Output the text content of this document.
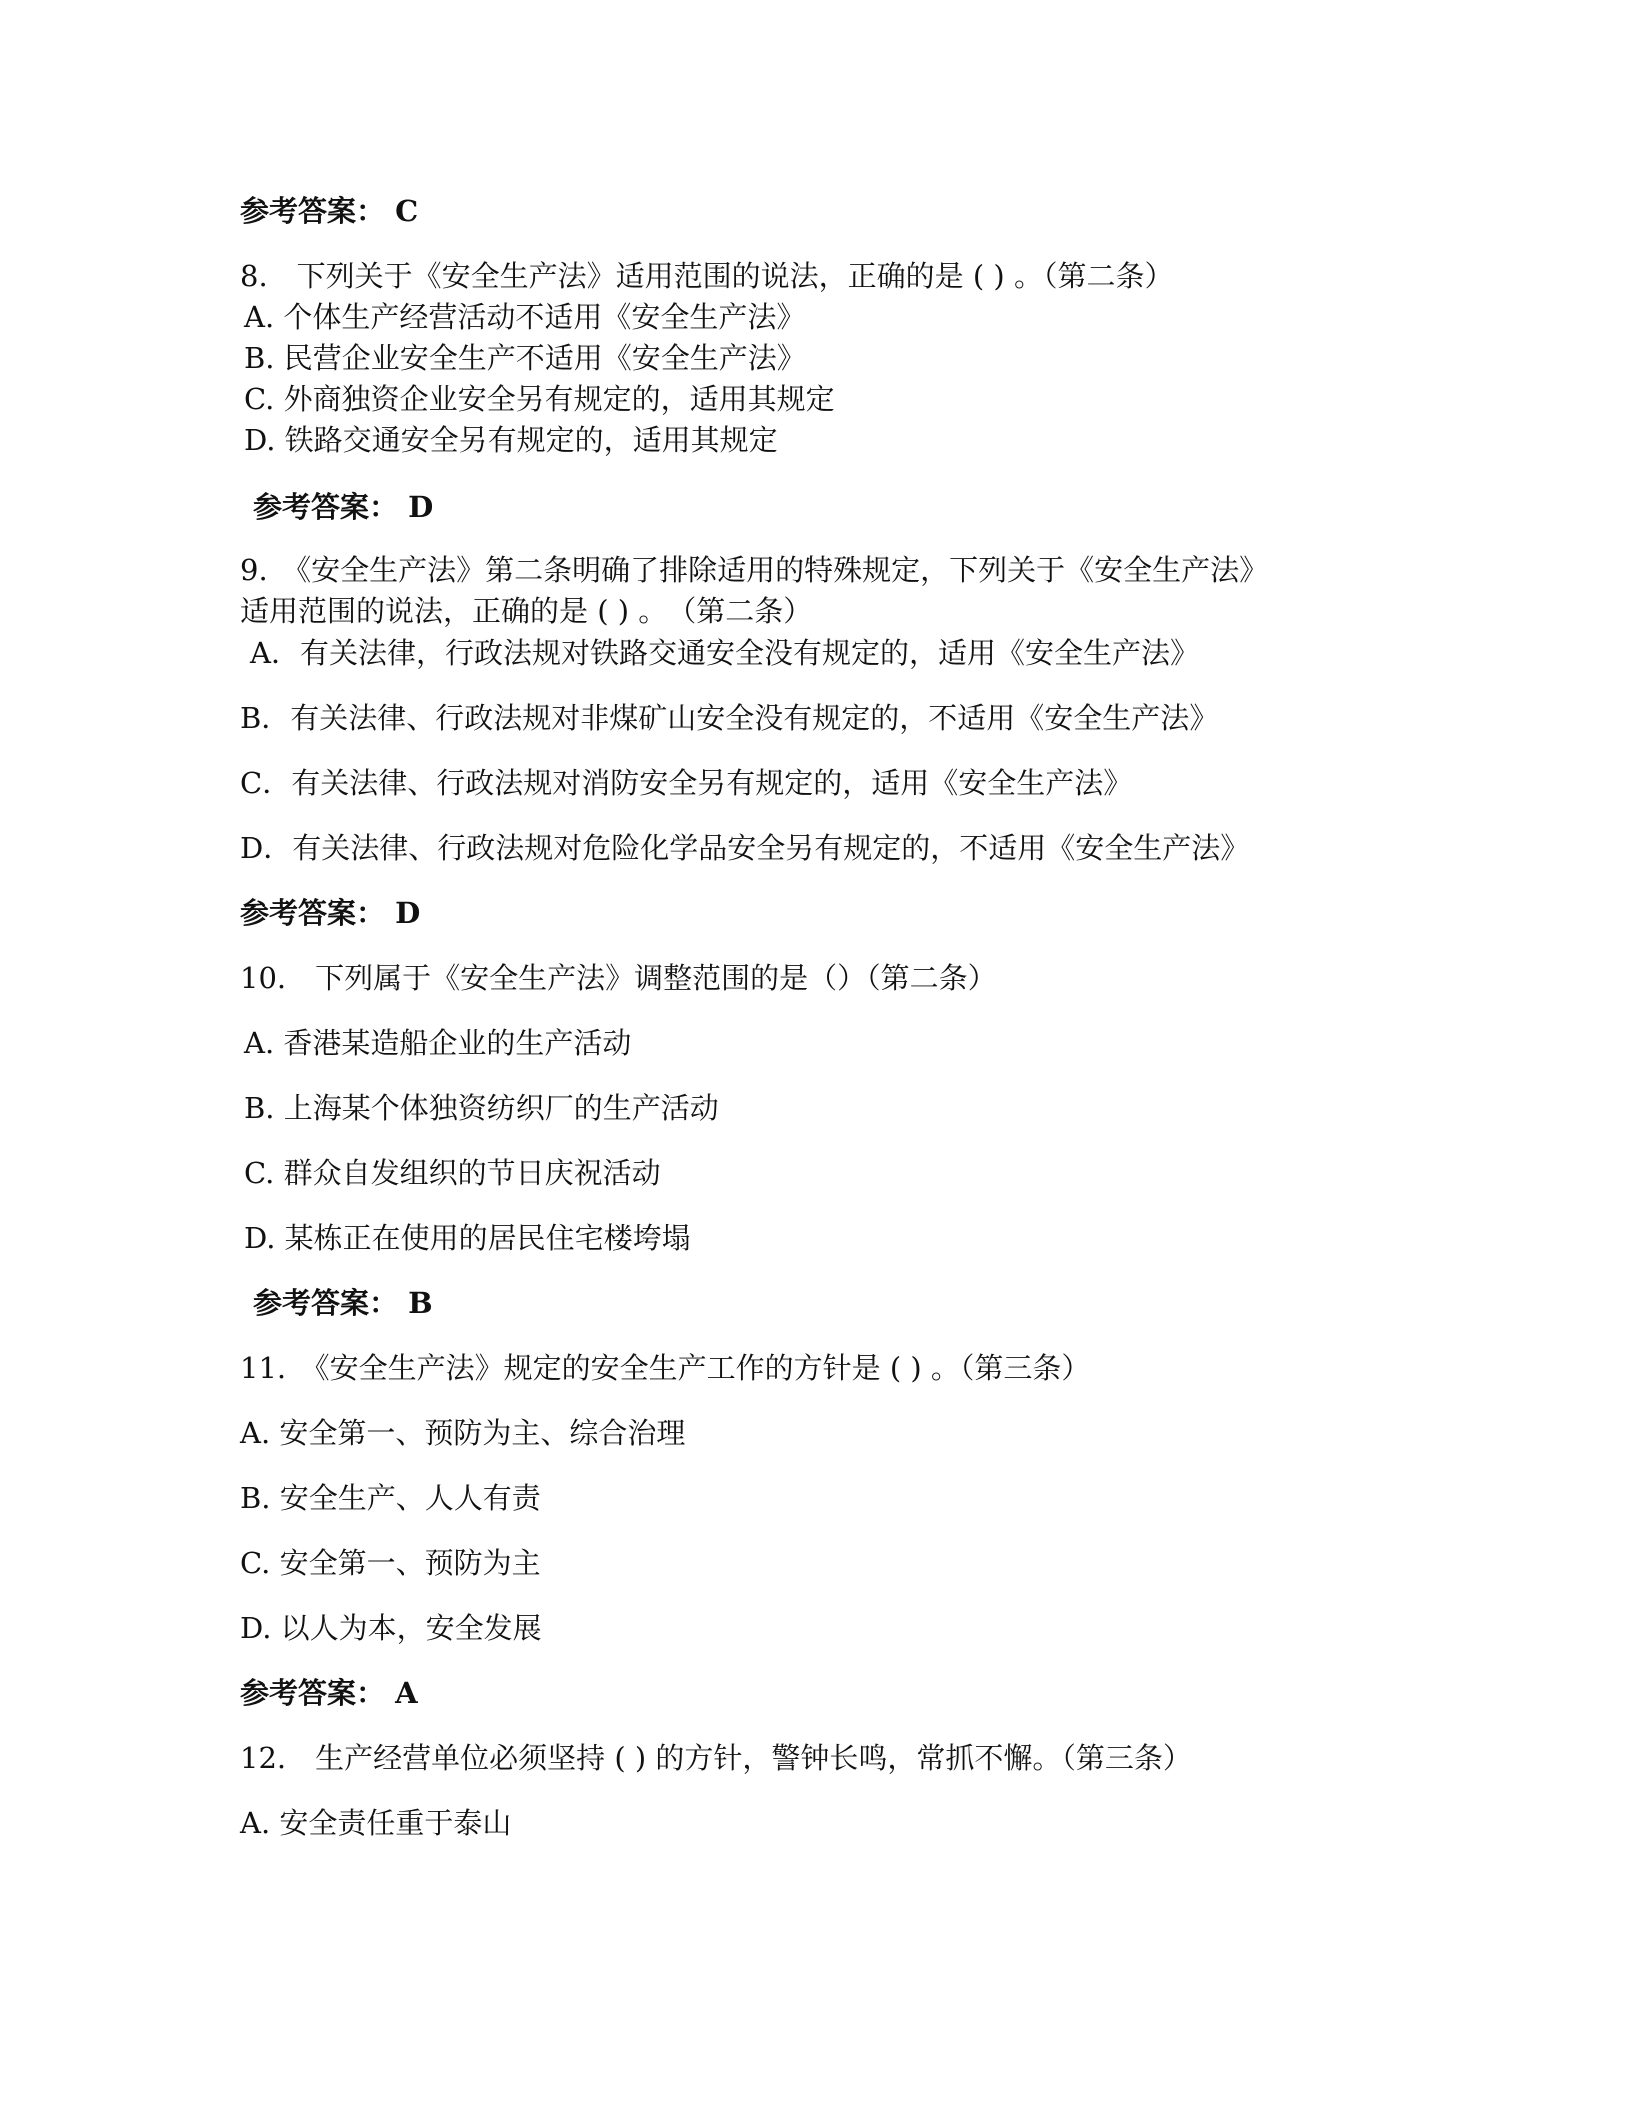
参考答案： C
8.　下列关于《安全生产法》适用范围的说法，正确的是 ( ) 。（第二条）
A. 个体生产经营活动不适用《安全生产法》
B. 民营企业安全生产不适用《安全生产法》
C. 外商独资企业安全另有规定的，适用其规定
D. 铁路交通安全另有规定的，适用其规定
参考答案： D
9.　《安全生产法》第二条明确了排除适用的特殊规定，下列关于《安全生产法》
适用范围的说法，正确的是 ( ) 。　（第二条）
A．有关法律，行政法规对铁路交通安全没有规定的，适用《安全生产法》
B．有关法律、行政法规对非煤矿山安全没有规定的，不适用《安全生产法》
C．有关法律、行政法规对消防安全另有规定的，适用《安全生产法》
D．有关法律、行政法规对危险化学品安全另有规定的，不适用《安全生产法》
参考答案： D
10.　下列属于《安全生产法》调整范围的是（）（第二条）
A. 香港某造船企业的生产活动
B. 上海某个体独资纺织厂的生产活动
C. 群众自发组织的节日庆祝活动
D. 某栋正在使用的居民住宅楼垮塌
参考答案： B
11.　《安全生产法》规定的安全生产工作的方针是 ( ) 。（第三条）
A. 安全第一、预防为主、综合治理
B. 安全生产、人人有责
C. 安全第一、预防为主
D. 以人为本，安全发展
参考答案： A
12.　生产经营单位必须坚持 ( ) 的方针，警钟长鸣，常抓不懈。（第三条）
A. 安全责任重于泰山
